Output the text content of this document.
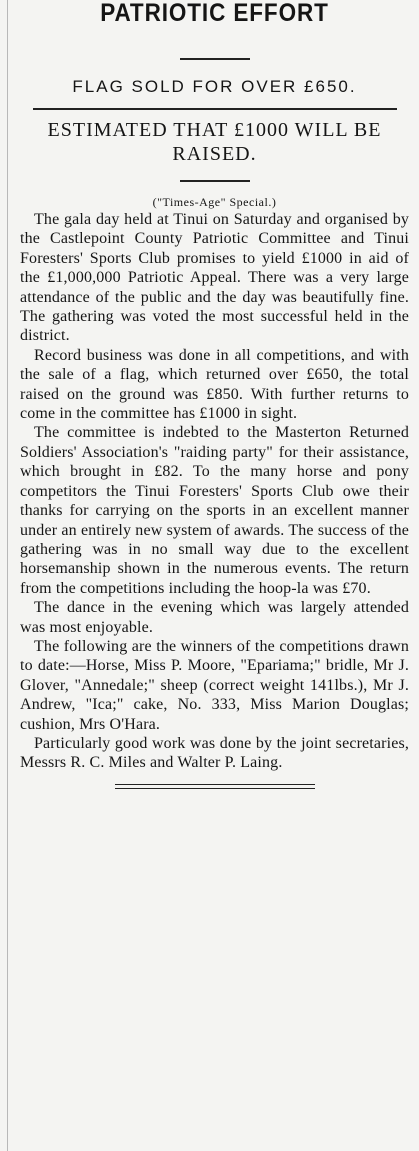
PATRIOTIC EFFORT
FLAG SOLD FOR OVER £650.
ESTIMATED THAT £1000 WILL BE RAISED.
("Times-Age" Special.)

The gala day held at Tinui on Saturday and organised by the Castlepoint County Patriotic Committee and Tinui Foresters' Sports Club promises to yield £1000 in aid of the £1,000,000 Patriotic Appeal. There was a very large attendance of the public and the day was beautifully fine. The gathering was voted the most successful held in the district.

Record business was done in all competitions, and with the sale of a flag, which returned over £650, the total raised on the ground was £850. With further returns to come in the committee has £1000 in sight.

The committee is indebted to the Masterton Returned Soldiers' Association's "raiding party" for their assistance, which brought in £82. To the many horse and pony competitors the Tinui Foresters' Sports Club owe their thanks for carrying on the sports in an excellent manner under an entirely new system of awards. The success of the gathering was in no small way due to the excellent horsemanship shown in the numerous events. The return from the competitions including the hoop-la was £70.

The dance in the evening which was largely attended was most enjoyable.

The following are the winners of the competitions drawn to date:—Horse, Miss P. Moore, "Epariama;" bridle, Mr J. Glover, "Annedale;" sheep (correct weight 141lbs.), Mr J. Andrew, "Ica;" cake, No. 333, Miss Marion Douglas; cushion, Mrs O'Hara.

Particularly good work was done by the joint secretaries, Messrs R. C. Miles and Walter P. Laing.
